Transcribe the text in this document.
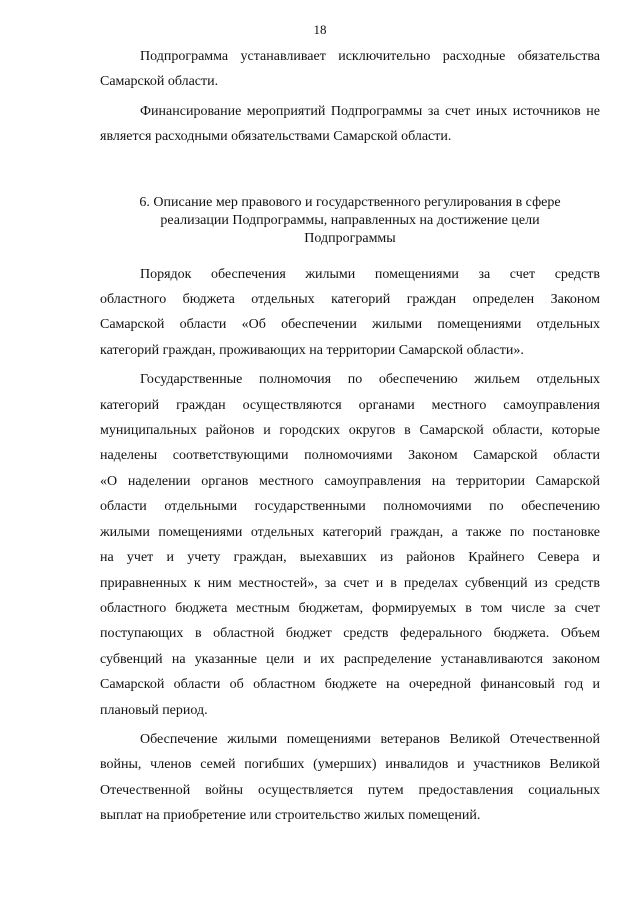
18

Подпрограмма устанавливает исключительно расходные обязательства Самарской области.

Финансирование мероприятий Подпрограммы за счет иных источников не является расходными обязательствами Самарской области.

6. Описание мер правового и государственного регулирования в сфере
реализации Подпрограммы, направленных на достижение цели
Подпрограммы
Порядок обеспечения жилыми помещениями за счет средств
областного бюджета отдельных категорий граждан определен Законом
Самарской области «Об обеспечении жилыми помещениями отдельных
категорий граждан, проживающих на территории Самарской области».
Государственные полномочия по обеспечению жильем отдельных
категорий граждан осуществляются органами местного самоуправления
муниципальных районов и городских округов в Самарской области, которые
наделены соответствующими полномочиями Законом Самарской области
«О наделении органов местного самоуправления на территории Самарской
области отдельными государственными полномочиями по обеспечению
жилыми помещениями отдельных категорий граждан, а также по постановке
на учет и учету граждан, выехавших из районов Крайнего Севера и
приравненных к ним местностей», за счет и в пределах субвенций из средств
областного бюджета местным бюджетам, формируемых в том числе за счет
поступающих в областной бюджет средств федерального бюджета. Объем
субвенций на указанные цели и их распределение устанавливаются законом
Самарской области об областном бюджете на очередной финансовый год и
плановый период.
Обеспечение жилыми помещениями ветеранов Великой Отечественной
войны, членов семей погибших (умерших) инвалидов и участников Великой
Отечественной войны осуществляется путем предоставления социальных
выплат на приобретение или строительство жилых помещений.
